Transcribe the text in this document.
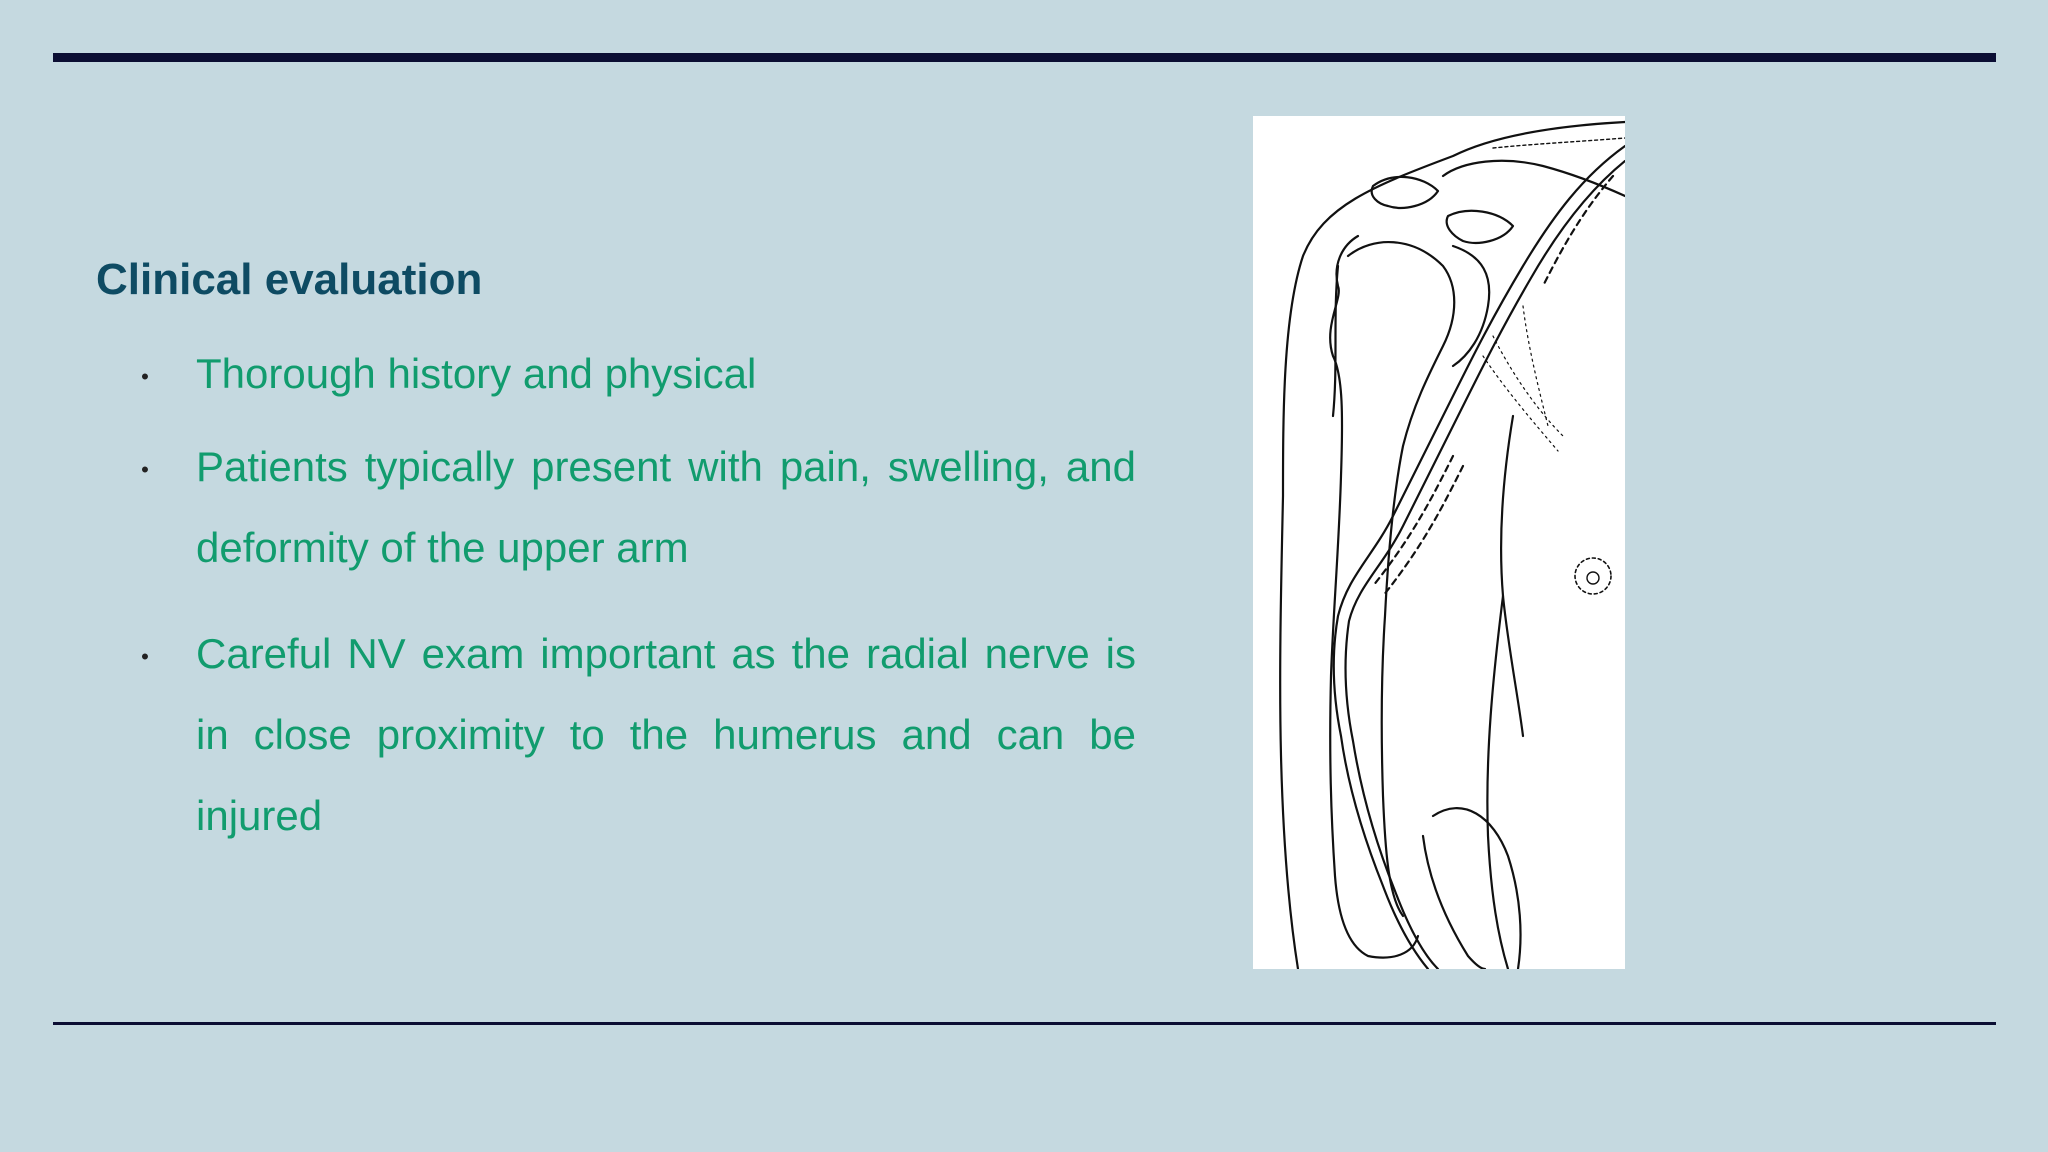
Clinical evaluation
• Thorough history and physical
• Patients typically present with pain, swelling, and deformity of the upper arm
• Careful NV exam important as the radial nerve is in close proximity to the humerus and can be injured
